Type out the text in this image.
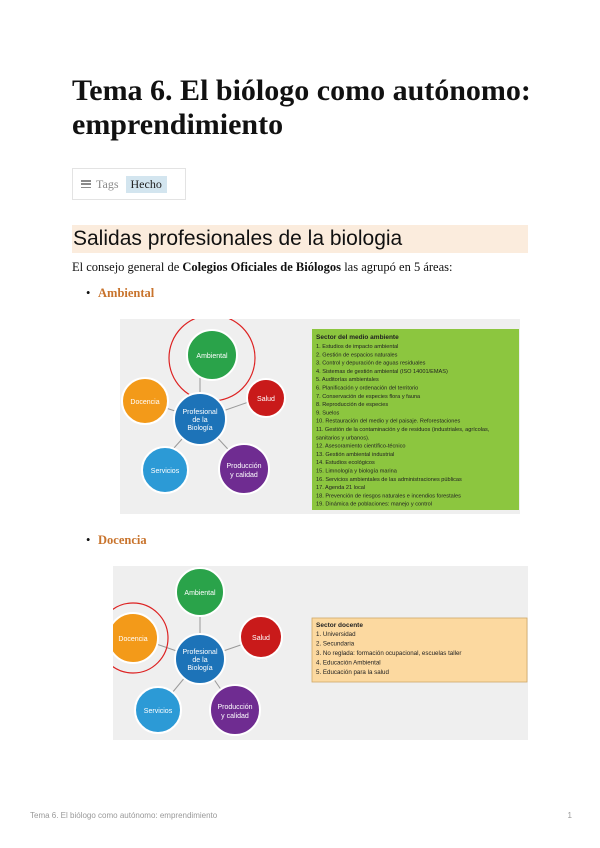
Tema 6. El biólogo como autónomo: emprendimiento
Tags	Hecho
Salidas profesionales de la biologia

El consejo general de Colegios Oficiales de Biólogos las agrupó en 5 áreas:

• Ambiental
Ambiental
Salud
Producción
y calidad
Servicios
Docencia
Profesional
de la
Biología
Sector del medio ambiente
1. Estudios de impacto ambiental
2. Gestión de espacios naturales
3. Control y depuración de aguas residuales
4. Sistemas de gestión ambiental (ISO 14001/EMAS)
5. Auditorías ambientales
6. Planificación y ordenación del territorio
7. Conservación de especies flora y fauna
8. Reproducción de especies
9. Suelos
10. Restauración del medio y del paisaje. Reforestaciones
11. Gestión de la contaminación y de residuos (industriales, agrícolas,
sanitarios y urbanos).
12. Asesoramiento científico-técnico
13. Gestión ambiental industrial
14. Estudios ecológicos
15. Limnología y biología marina
16. Servicios ambientales de las administraciones públicas
17. Agenda 21 local
18. Prevención de riesgos naturales e incendios forestales
19. Dinámica de poblaciones: manejo y control
• Docencia
Ambiental
Salud
Producción
y calidad
Servicios
Docencia
Profesional
de la
Biología
Sector docente
1. Universidad
2. Secundaria
3. No reglada: formación ocupacional, escuelas taller
4. Educación Ambiental
5. Educación para la salud
Tema 6. El biólogo como autónomo: emprendimiento	1
